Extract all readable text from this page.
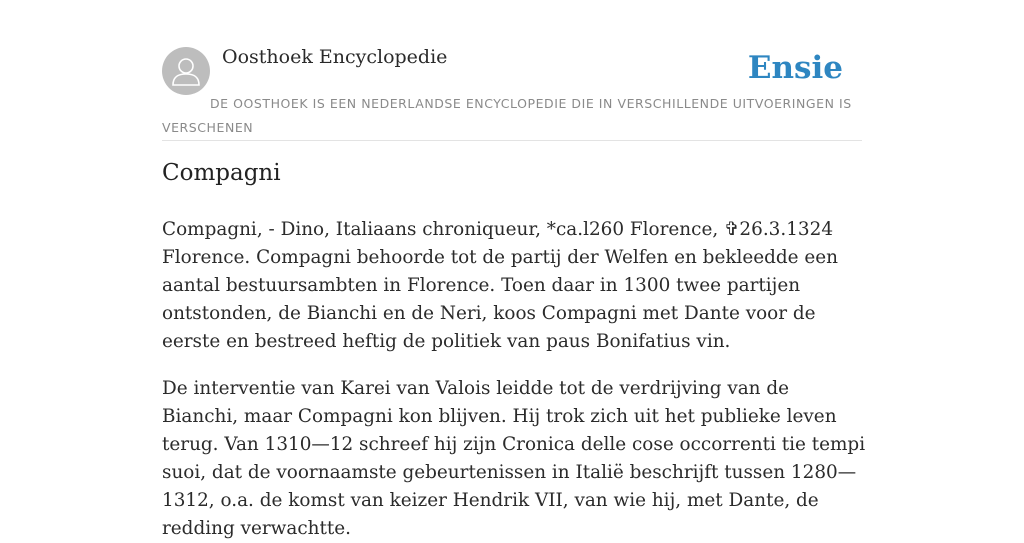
Oosthoek Encyclopedie	Ensie
DE OOSTHOEK IS EEN NEDERLANDSE ENCYCLOPEDIE DIE IN VERSCHILLENDE UITVOERINGEN IS VERSCHENEN
Compagni

Compagni, - Dino, Italiaans chroniqueur, *ca.l260 Florence, ✞26.3.1324 Florence. Compagni behoorde tot de partij der Welfen en bekleedde een aantal bestuursambten in Florence. Toen daar in 1300 twee partijen ontstonden, de Bianchi en de Neri, koos Compagni met Dante voor de eerste en bestreed heftig de politiek van paus Bonifatius vin.

De interventie van Karei van Valois leidde tot de verdrijving van de Bianchi, maar Compagni kon blijven. Hij trok zich uit het publieke leven terug. Van 1310—12 schreef hij zijn Cronica delle cose occorrenti tie tempi suoi, dat de voornaamste gebeurtenissen in Italië beschrijft tussen 1280—1312, o.a. de komst van keizer Hendrik VII, van wie hij, met Dante, de redding verwachtte.
